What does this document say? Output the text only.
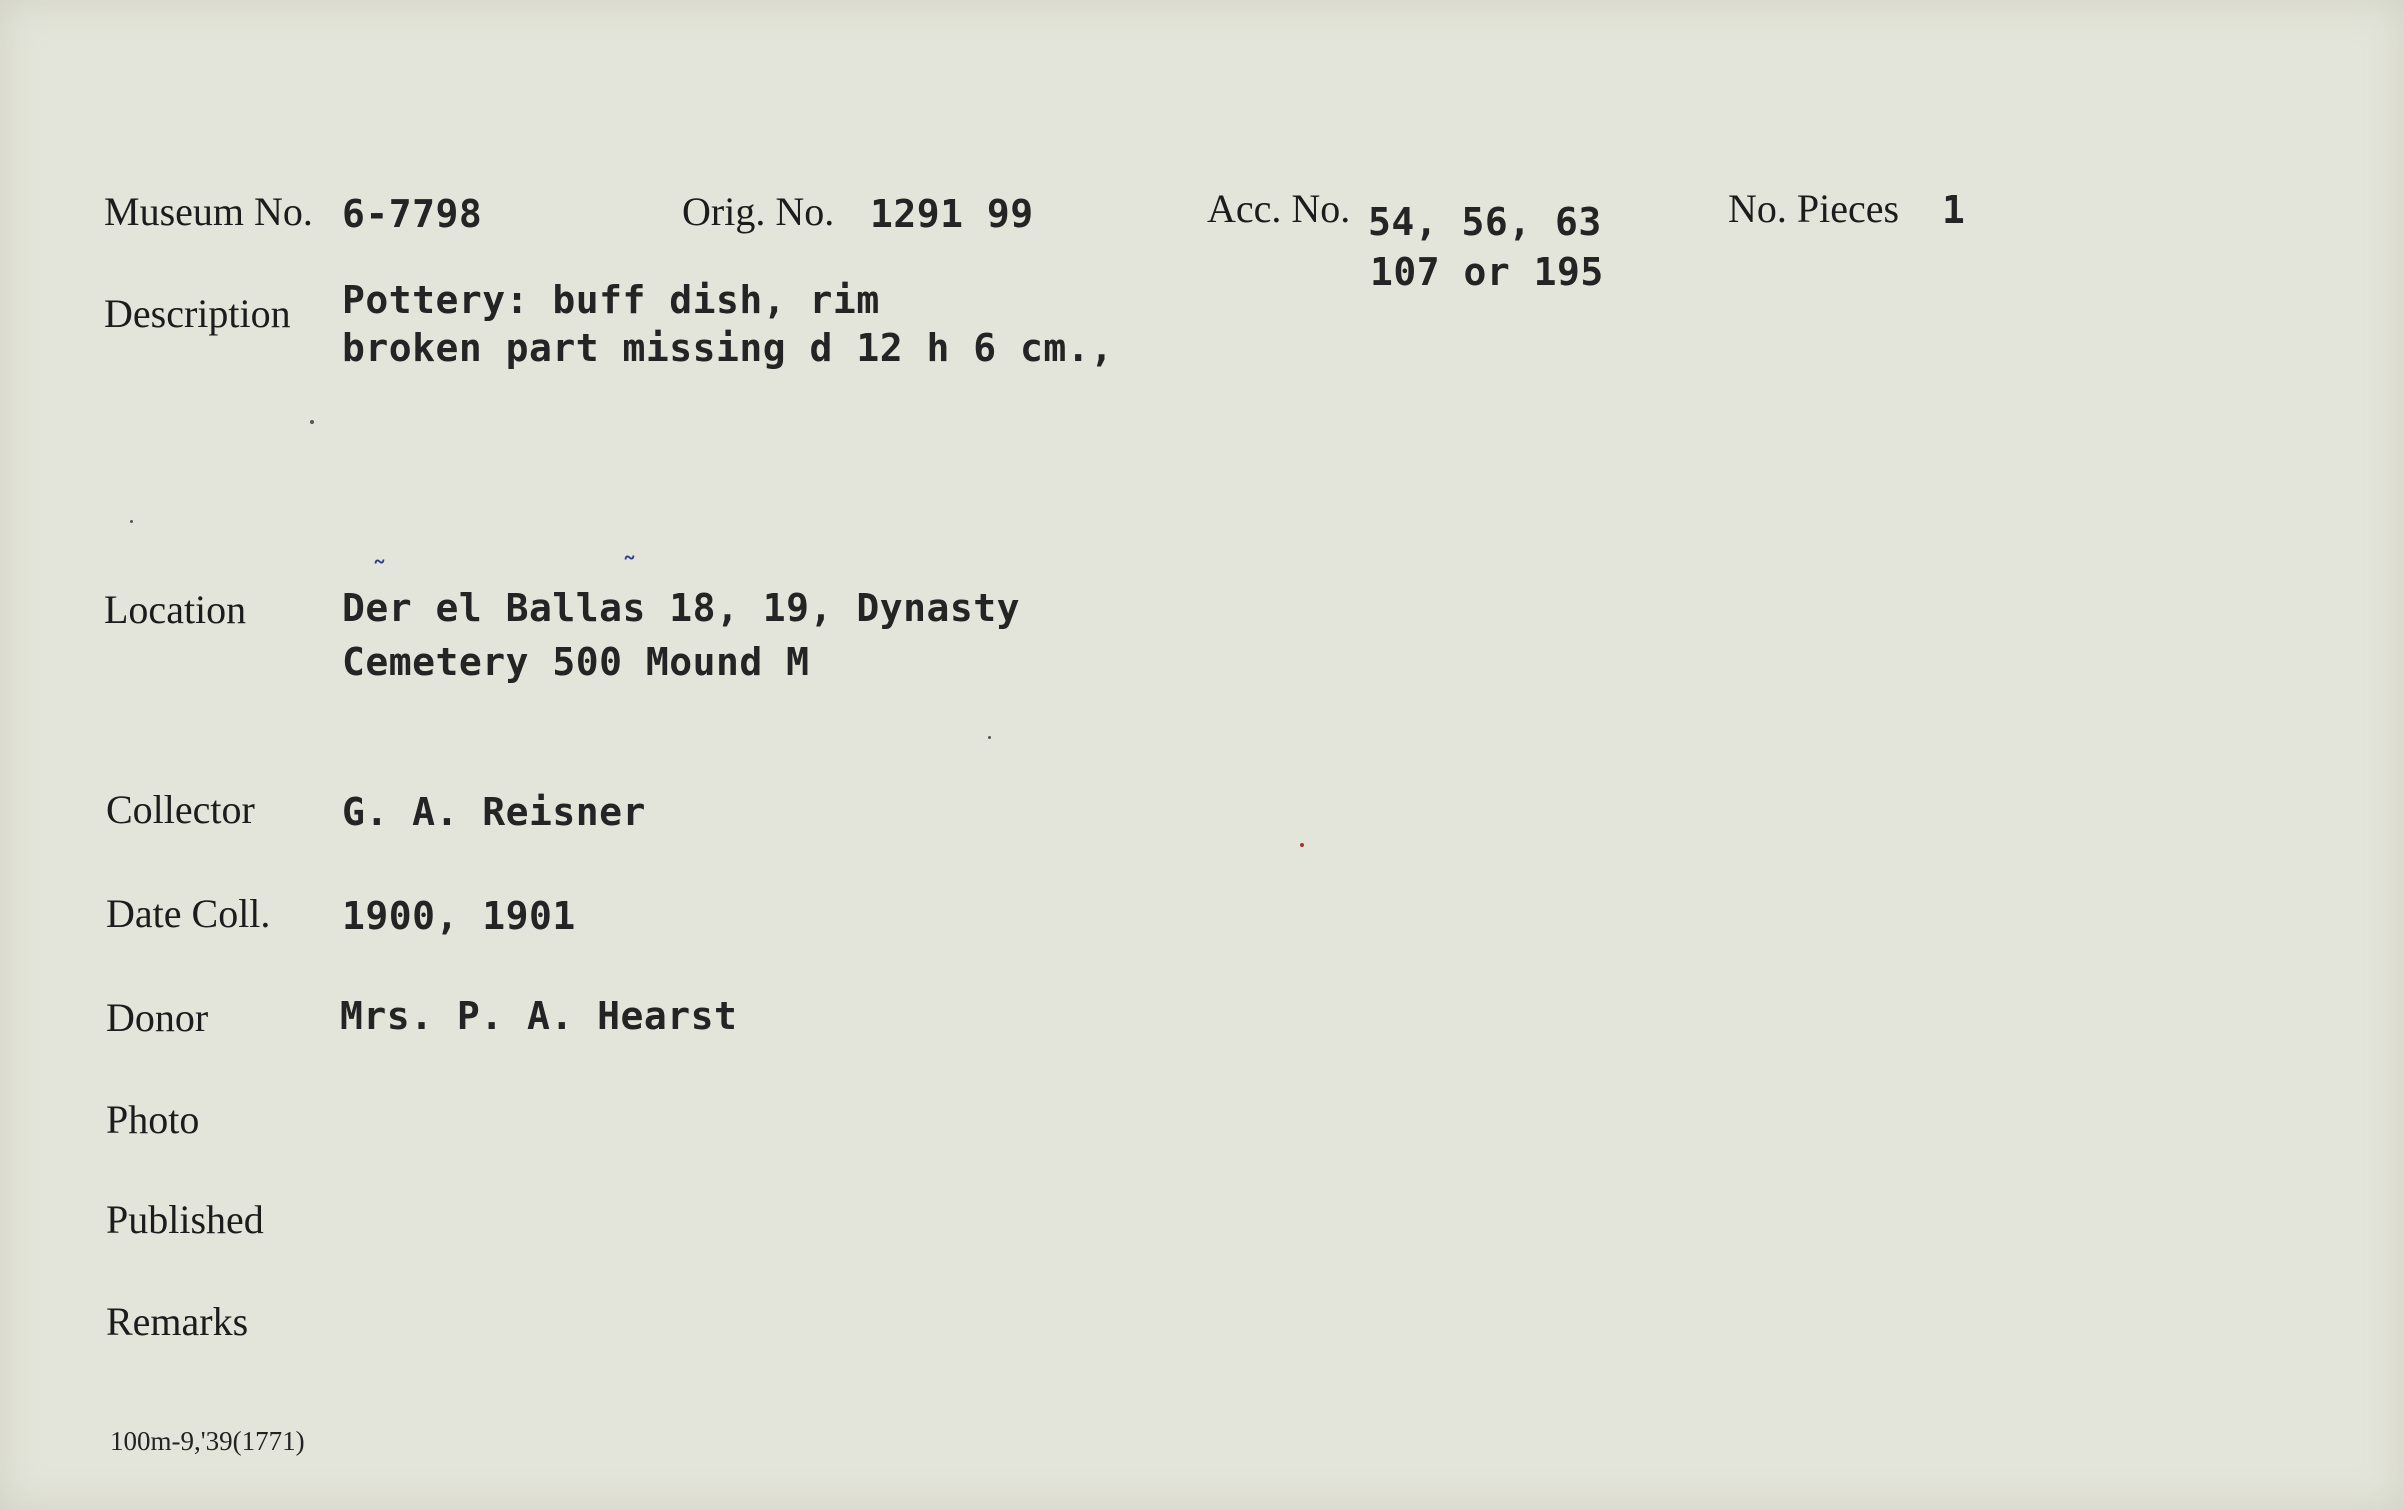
Museum No. 6-7798	Orig. No. 1291 99	Acc. No. 54, 56, 63
107 or 195
No. Pieces 1
Description Pottery: buff dish, rim
broken part missing d 12 h 6 cm.,
Location
˜	˜
Der el Ballas 18, 19, Dynasty
Cemetery 500 Mound M
Collector G. A. Reisner
Date Coll. 1900, 1901
Donor	Mrs. P. A. Hearst
Photo
Published
Remarks
100m-9,'39(1771)
